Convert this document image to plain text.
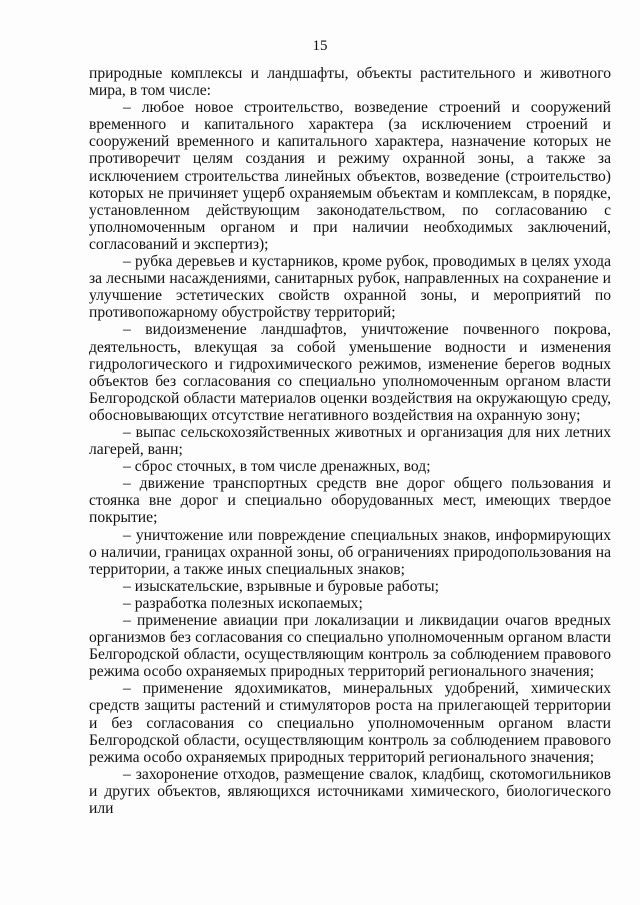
15

природные комплексы и ландшафты, объекты растительного и животного мира, в том числе:

– любое новое строительство, возведение строений и сооружений временного и капитального характера (за исключением строений и сооружений временного и капитального характера, назначение которых не противоречит целям создания и режиму охранной зоны, а также за исключением строительства линейных объектов, возведение (строительство) которых не причиняет ущерб охраняемым объектам и комплексам, в порядке, установленном действующим законодательством, по согласованию с уполномоченным органом и при наличии необходимых заключений, согласований и экспертиз);

– рубка деревьев и кустарников, кроме рубок, проводимых в целях ухода за лесными насаждениями, санитарных рубок, направленных на сохранение и улучшение эстетических свойств охранной зоны, и мероприятий по противопожарному обустройству территорий;

– видоизменение ландшафтов, уничтожение почвенного покрова, деятельность, влекущая за собой уменьшение водности и изменения гидрологического и гидрохимического режимов, изменение берегов водных объектов без согласования со специально уполномоченным органом власти Белгородской области материалов оценки воздействия на окружающую среду, обосновывающих отсутствие негативного воздействия на охранную зону;

– выпас сельскохозяйственных животных и организация для них летних лагерей, ванн;

– сброс сточных, в том числе дренажных, вод;

– движение транспортных средств вне дорог общего пользования и стоянка вне дорог и специально оборудованных мест, имеющих твердое покрытие;

– уничтожение или повреждение специальных знаков, информирующих о наличии, границах охранной зоны, об ограничениях природопользования на территории, а также иных специальных знаков;

– изыскательские, взрывные и буровые работы;

– разработка полезных ископаемых;

– применение авиации при локализации и ликвидации очагов вредных организмов без согласования со специально уполномоченным органом власти Белгородской области, осуществляющим контроль за соблюдением правового режима особо охраняемых природных территорий регионального значения;

– применение ядохимикатов, минеральных удобрений, химических средств защиты растений и стимуляторов роста на прилегающей территории и без согласования со специально уполномоченным органом власти Белгородской области, осуществляющим контроль за соблюдением правового режима особо охраняемых природных территорий регионального значения;

– захоронение отходов, размещение свалок, кладбищ, скотомогильников и других объектов, являющихся источниками химического, биологического или
